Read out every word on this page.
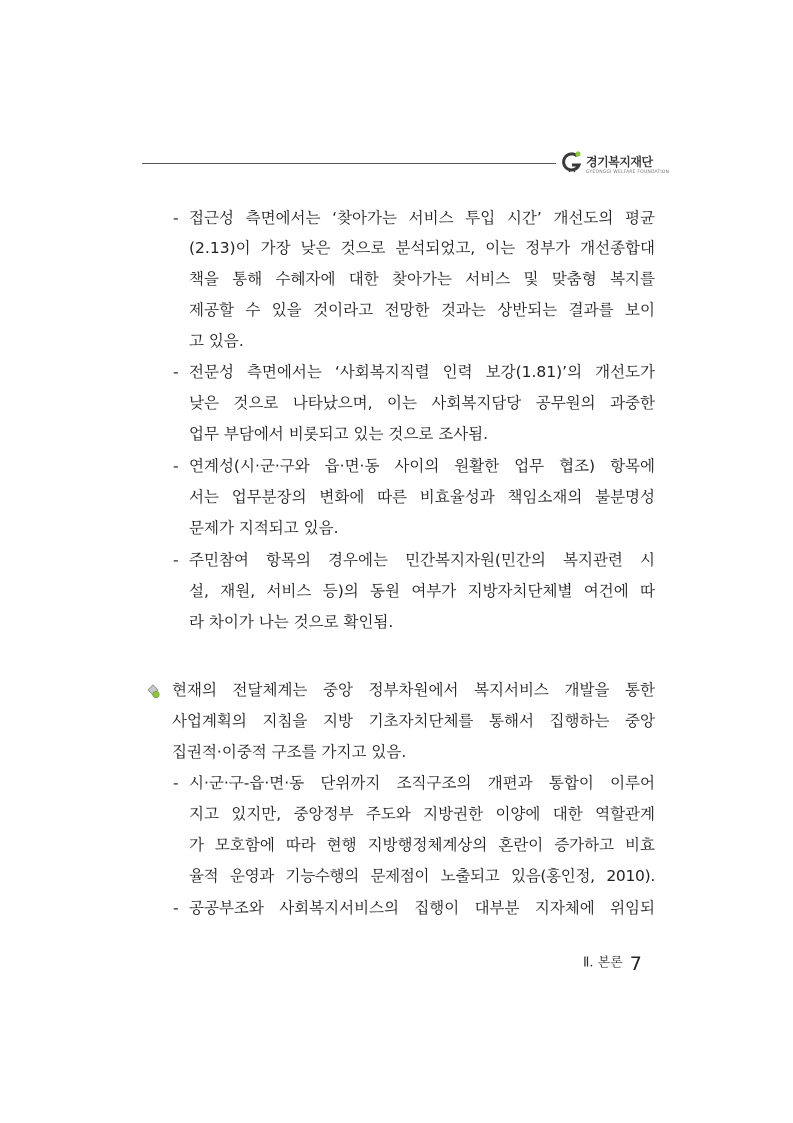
경기복지재단
GYEONGGI WELFARE FOUNDATION
- 접근성 측면에서는 ‘찾아가는 서비스 투입 시간’ 개선도의 평균
(2.13)이 가장 낮은 것으로 분석되었고, 이는 정부가 개선종합대
책을 통해 수혜자에 대한 찾아가는 서비스 및 맞춤형 복지를
제공할 수 있을 것이라고 전망한 것과는 상반되는 결과를 보이
고 있음.
- 전문성 측면에서는 ‘사회복지직렬 인력 보강(1.81)’의 개선도가
낮은 것으로 나타났으며, 이는 사회복지담당 공무원의 과중한
업무 부담에서 비롯되고 있는 것으로 조사됨.
- 연계성(시·군·구와 읍·면·동 사이의 원활한 업무 협조) 항목에
서는 업무분장의 변화에 따른 비효율성과 책임소재의 불분명성
문제가 지적되고 있음.
- 주민참여 항목의 경우에는 민간복지자원(민간의 복지관련 시
설, 재원, 서비스 등)의 동원 여부가 지방자치단체별 여건에 따
라 차이가 나는 것으로 확인됨.
현재의 전달체계는 중앙 정부차원에서 복지서비스 개발을 통한
사업계획의 지침을 지방 기초자치단체를 통해서 집행하는 중앙
집권적·이중적 구조를 가지고 있음.
- 시·군·구-읍·면·동 단위까지 조직구조의 개편과 통합이 이루어
지고 있지만, 중앙정부 주도와 지방권한 이양에 대한 역할관계
가 모호함에 따라 현행 지방행정체계상의 혼란이 증가하고 비효
율적 운영과 기능수행의 문제점이 노출되고 있음(홍인정, 2010).
- 공공부조와 사회복지서비스의 집행이 대부분 지자체에 위임되
Ⅱ. 본론 7
